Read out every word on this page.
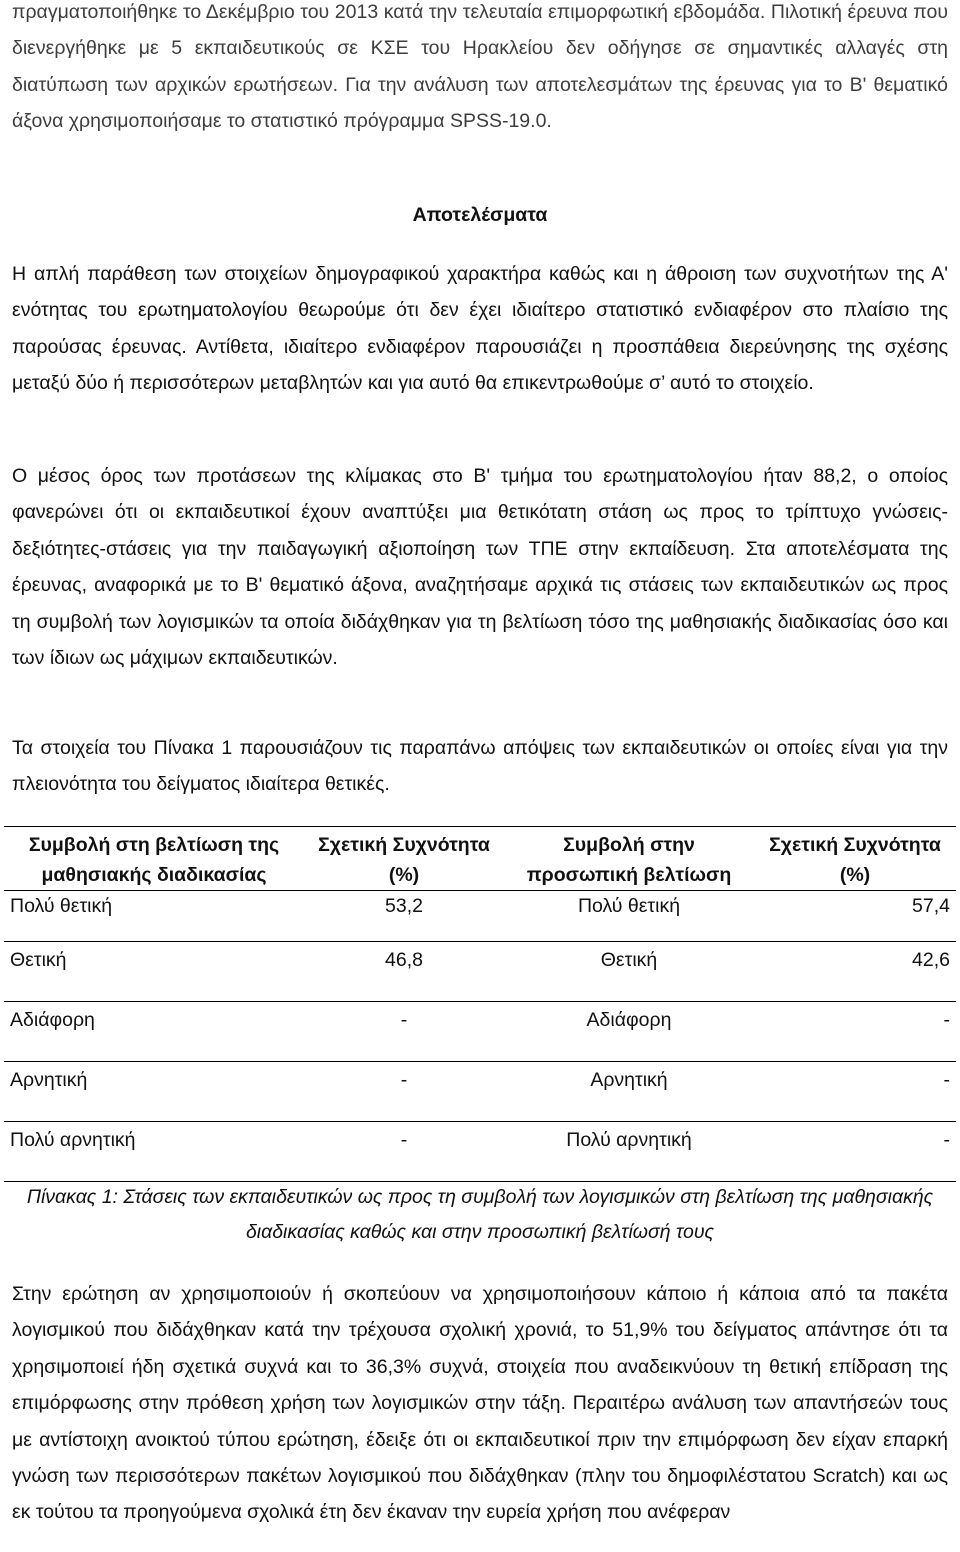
πραγματοποιήθηκε το Δεκέμβριο του 2013 κατά την τελευταία επιμορφωτική εβδομάδα. Πιλοτική έρευνα που διενεργήθηκε με 5 εκπαιδευτικούς σε ΚΣΕ του Ηρακλείου δεν οδήγησε σε σημαντικές αλλαγές στη διατύπωση των αρχικών ερωτήσεων. Για την ανάλυση των αποτελεσμάτων της έρευνας για το Β' θεματικό άξονα χρησιμοποιήσαμε το στατιστικό πρόγραμμα SPSS-19.0.

Αποτελέσματα

Η απλή παράθεση των στοιχείων δημογραφικού χαρακτήρα καθώς και η άθροιση των συχνοτήτων της Α' ενότητας του ερωτηματολογίου θεωρούμε ότι δεν έχει ιδιαίτερο στατιστικό ενδιαφέρον στο πλαίσιο της παρούσας έρευνας. Αντίθετα, ιδιαίτερο ενδιαφέρον παρουσιάζει η προσπάθεια διερεύνησης της σχέσης μεταξύ δύο ή περισσότερων μεταβλητών και για αυτό θα επικεντρωθούμε σ’ αυτό το στοιχείο.

Ο μέσος όρος των προτάσεων της κλίμακας στο Β' τμήμα του ερωτηματολογίου ήταν 88,2, ο οποίος φανερώνει ότι οι εκπαιδευτικοί έχουν αναπτύξει μια θετικότατη στάση ως προς το τρίπτυχο γνώσεις-δεξιότητες-στάσεις για την παιδαγωγική αξιοποίηση των ΤΠΕ στην εκπαίδευση. Στα αποτελέσματα της έρευνας, αναφορικά με το Β' θεματικό άξονα, αναζητήσαμε αρχικά τις στάσεις των εκπαιδευτικών ως προς τη συμβολή των λογισμικών τα οποία διδάχθηκαν για τη βελτίωση τόσο της μαθησιακής διαδικασίας όσο και των ίδιων ως μάχιμων εκπαιδευτικών.

Τα στοιχεία του Πίνακα 1 παρουσιάζουν τις παραπάνω απόψεις των εκπαιδευτικών οι οποίες είναι για την πλειονότητα του δείγματος ιδιαίτερα θετικές.

Συμβολή στη βελτίωση της μαθησιακής διαδικασίας	Σχετική Συχνότητα (%)	Συμβολή στην προσωπική βελτίωση	Σχετική Συχνότητα (%)
Πολύ θετική	53,2	Πολύ θετική	57,4
Θετική	46,8	Θετική	42,6
Αδιάφορη	-	Αδιάφορη	-
Αρνητική	-	Αρνητική	-
Πολύ αρνητική	-	Πολύ αρνητική	-

Πίνακας 1: Στάσεις των εκπαιδευτικών ως προς τη συμβολή των λογισμικών στη βελτίωση της μαθησιακής διαδικασίας καθώς και στην προσωπική βελτίωσή τους

Στην ερώτηση αν χρησιμοποιούν ή σκοπεύουν να χρησιμοποιήσουν κάποιο ή κάποια από τα πακέτα λογισμικού που διδάχθηκαν κατά την τρέχουσα σχολική χρονιά, το 51,9% του δείγματος απάντησε ότι τα χρησιμοποιεί ήδη σχετικά συχνά και το 36,3% συχνά, στοιχεία που αναδεικνύουν τη θετική επίδραση της επιμόρφωσης στην πρόθεση χρήση των λογισμικών στην τάξη. Περαιτέρω ανάλυση των απαντήσεών τους με αντίστοιχη ανοικτού τύπου ερώτηση, έδειξε ότι οι εκπαιδευτικοί πριν την επιμόρφωση δεν είχαν επαρκή γνώση των περισσότερων πακέτων λογισμικού που διδάχθηκαν (πλην του δημοφιλέστατου Scratch) και ως εκ τούτου τα προηγούμενα σχολικά έτη δεν έκαναν την ευρεία χρήση που ανέφεραν
